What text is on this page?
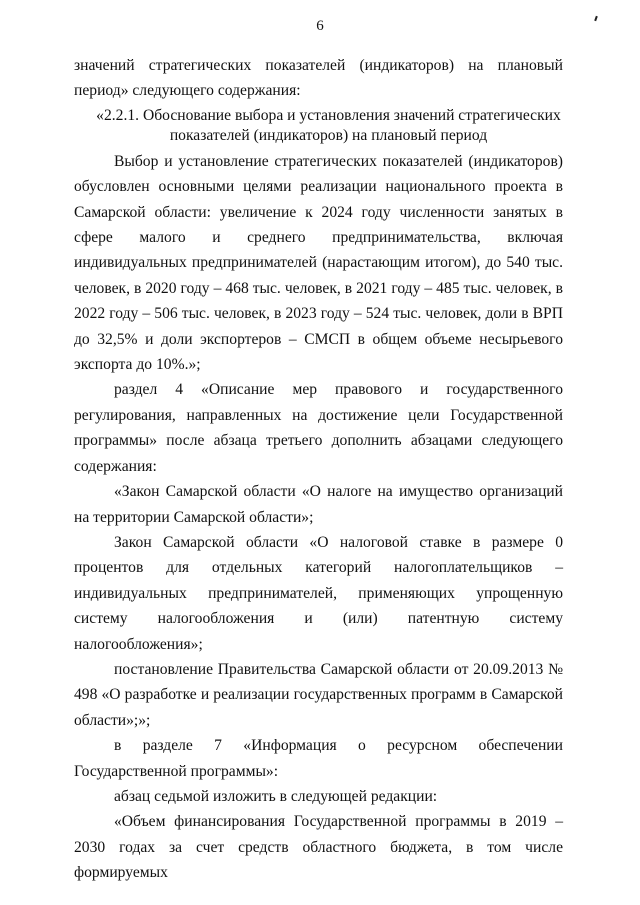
6

значений стратегических показателей (индикаторов) на плановый период» следующего содержания:

«2.2.1. Обоснование выбора и установления значений стратегических показателей (индикаторов) на плановый период

Выбор и установление стратегических показателей (индикаторов) обусловлен основными целями реализации национального проекта в Самарской области: увеличение к 2024 году численности занятых в сфере малого и среднего предпринимательства, включая индивидуальных предпринимателей (нарастающим итогом), до 540 тыс. человек, в 2020 году – 468 тыс. человек, в 2021 году – 485 тыс. человек, в 2022 году – 506 тыс. человек, в 2023 году – 524 тыс. человек, доли в ВРП до 32,5% и доли экспортеров – СМСП в общем объеме несырьевого экспорта до 10%.»;

раздел 4 «Описание мер правового и государственного регулирования, направленных на достижение цели Государственной программы» после абзаца третьего дополнить абзацами следующего содержания:

«Закон Самарской области «О налоге на имущество организаций на территории Самарской области»;

Закон Самарской области «О налоговой ставке в размере 0 процентов для отдельных категорий налогоплательщиков – индивидуальных предпринимателей, применяющих упрощенную систему налогообложения и (или) патентную систему налогообложения»;

постановление Правительства Самарской области от 20.09.2013 № 498 «О разработке и реализации государственных программ в Самарской области»;»;

в разделе 7 «Информация о ресурсном обеспечении Государственной программы»:

абзац седьмой изложить в следующей редакции:

«Объем финансирования Государственной программы в 2019 – 2030 годах за счет средств областного бюджета, в том числе формируемых
